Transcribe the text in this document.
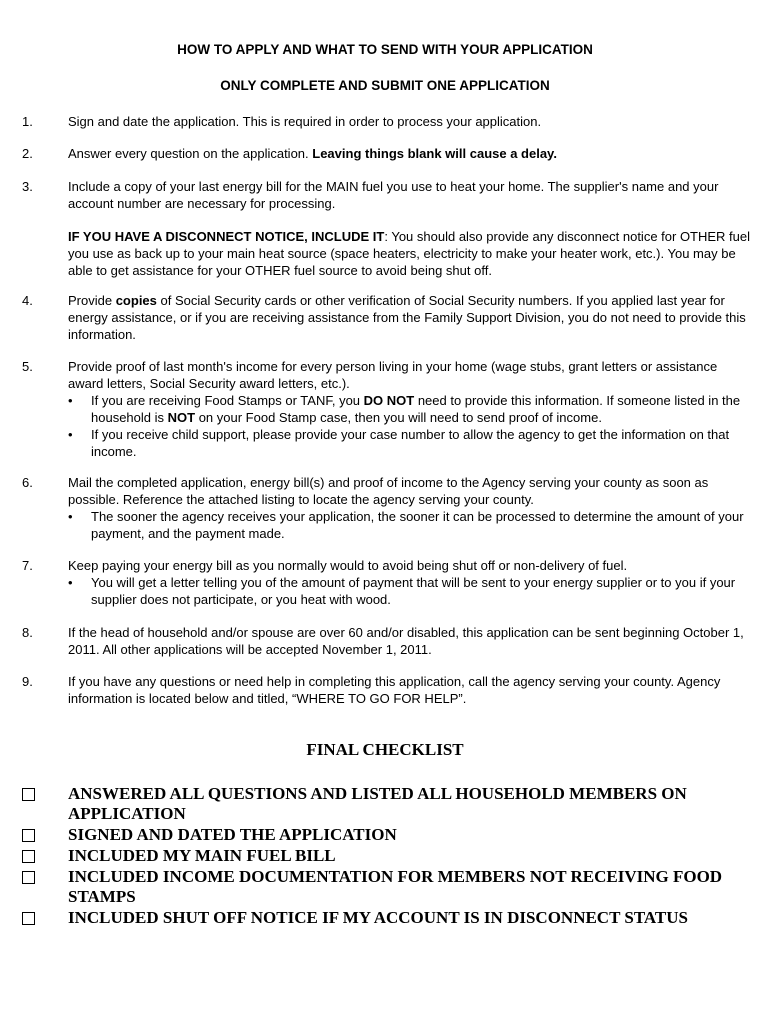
HOW TO APPLY AND WHAT TO SEND WITH YOUR APPLICATION
ONLY COMPLETE AND SUBMIT ONE APPLICATION
1.	Sign and date the application. This is required in order to process your application.
2.	Answer every question on the application. Leaving things blank will cause a delay.
3.	Include a copy of your last energy bill for the MAIN fuel you use to heat your home. The supplier's name and your account number are necessary for processing.

IF YOU HAVE A DISCONNECT NOTICE, INCLUDE IT: You should also provide any disconnect notice for OTHER fuel you use as back up to your main heat source (space heaters, electricity to make your heater work, etc.). You may be able to get assistance for your OTHER fuel source to avoid being shut off.

4.	Provide copies of Social Security cards or other verification of Social Security numbers. If you applied last year for energy assistance, or if you are receiving assistance from the Family Support Division, you do not need to provide this information.
5.	Provide proof of last month's income for every person living in your home (wage stubs, grant letters or assistance award letters, Social Security award letters, etc.).

• If you are receiving Food Stamps or TANF, you DO NOT need to provide this information. If someone listed in the household is NOT on your Food Stamp case, then you will need to send proof of income.
• If you receive child support, please provide your case number to allow the agency to get the information on that income.
6.	Mail the completed application, energy bill(s) and proof of income to the Agency serving your county as soon as possible. Reference the attached listing to locate the agency serving your county.

• The sooner the agency receives your application, the sooner it can be processed to determine the amount of your payment, and the payment made.
7.	Keep paying your energy bill as you normally would to avoid being shut off or non-delivery of fuel.

• You will get a letter telling you of the amount of payment that will be sent to your energy supplier or to you if your supplier does not participate, or you heat with wood.
8.	If the head of household and/or spouse are over 60 and/or disabled, this application can be sent beginning October 1, 2011. All other applications will be accepted November 1, 2011.
9.	If you have any questions or need help in completing this application, call the agency serving your county. Agency information is located below and titled, “WHERE TO GO FOR HELP”.
FINAL CHECKLIST
ANSWERED ALL QUESTIONS AND LISTED ALL HOUSEHOLD MEMBERS ON APPLICATION
SIGNED AND DATED THE APPLICATION
INCLUDED MY MAIN FUEL BILL
INCLUDED INCOME DOCUMENTATION FOR MEMBERS NOT RECEIVING FOOD STAMPS
INCLUDED SHUT OFF NOTICE IF MY ACCOUNT IS IN DISCONNECT STATUS
